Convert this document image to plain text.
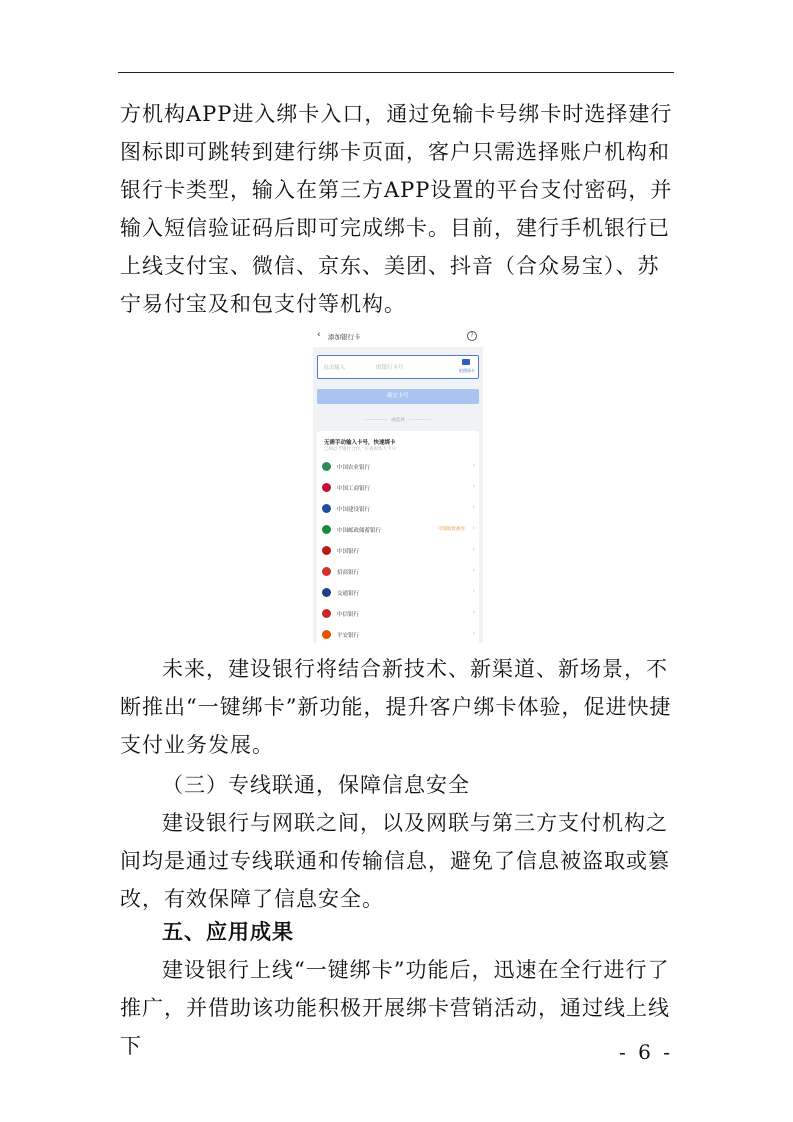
方机构APP进入绑卡入口，通过免输卡号绑卡时选择建行图标即可跳转到建行绑卡页面，客户只需选择账户机构和银行卡类型，输入在第三方APP设置的平台支付密码，并输入短信验证码后即可完成绑卡。目前，建行手机银行已上线支付宝、微信、京东、美团、抖音（合众易宝）、苏宁易付宝及和包支付等机构。

‹ 添加银行卡	?
点击输入	的银行卡号	拍照添卡
确定卡号
或选择
无需手动输入卡号，快速绑卡
已和以下银行合作，可查询本人卡号
中国农业银行	›
中国工商银行	›
中国建设银行	›
中国邮政储蓄银行	可领取优惠券 ›
中国银行	›
招商银行	›
交通银行	›
中信银行	›
平安银行	›

未来，建设银行将结合新技术、新渠道、新场景，不断推出“一键绑卡”新功能，提升客户绑卡体验，促进快捷支付业务发展。

（三）专线联通，保障信息安全

建设银行与网联之间，以及网联与第三方支付机构之间均是通过专线联通和传输信息，避免了信息被盗取或篡改，有效保障了信息安全。

五、应用成果

建设银行上线“一键绑卡”功能后，迅速在全行进行了推广，并借助该功能积极开展绑卡营销活动，通过线上线下	- 6 -
